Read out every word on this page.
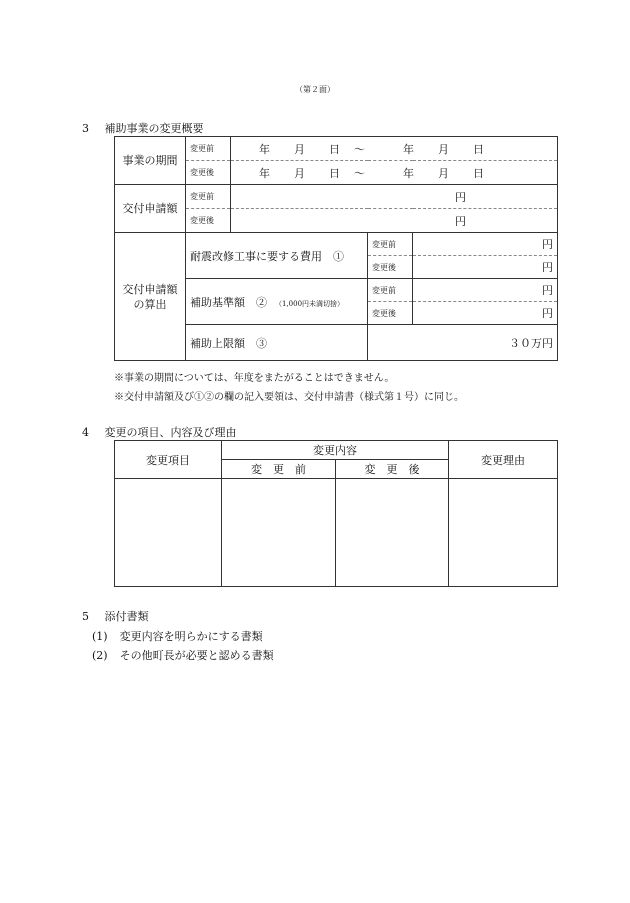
（第２面）
3 補助事業の変更概要
事業の期間	変更前	年 月 日 ～ 年 月 日		
	変更後	年 月 日 ～ 年 月 日		
交付申請額	変更前	円		
	変更後	円		

交付申請額
の算出	耐震改修工事に要する費用　①		変更前	円
			変更後	円
	補助基準額　② （1,000円未満切捨）		変更前	円
			変更後	円
	補助上限額　③		３０万円	
※事業の期間については、年度をまたがることはできません。
※交付申請額及び①②の欄の記入要領は、交付申請書（様式第１号）に同じ。
4 変更の項目、内容及び理由
変更項目	変更内容		変更理由
	変　更　前	変　更　後	

5 添付書類
(1) 変更内容を明らかにする書類
(2) その他町長が必要と認める書類
